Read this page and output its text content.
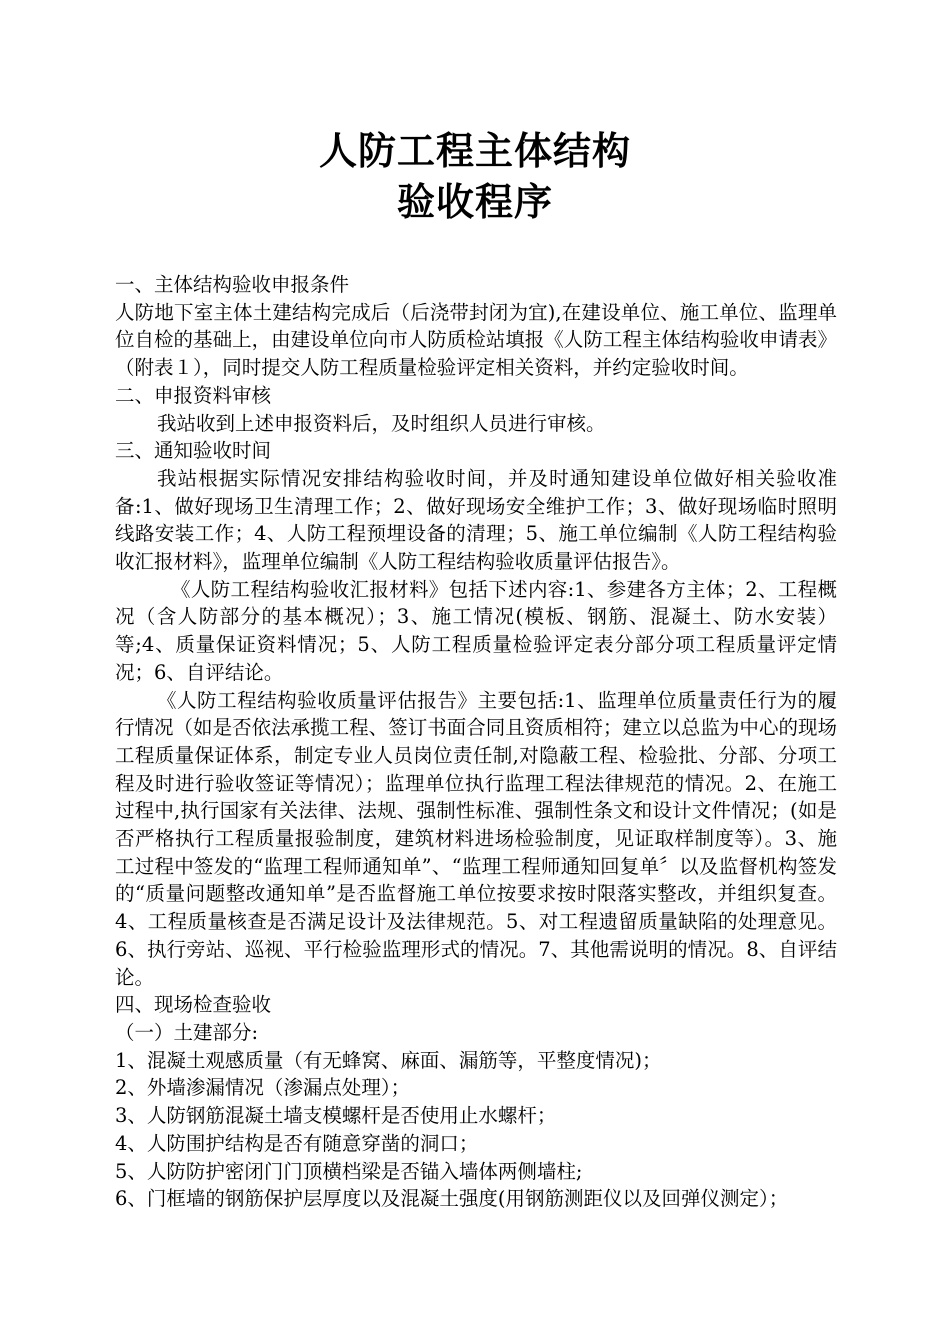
人防工程主体结构
验收程序

一、主体结构验收申报条件

人防地下室主体土建结构完成后（后浇带封闭为宜),在建设单位、施工单位、监理单位自检的基础上，由建设单位向市人防质检站填报《人防工程主体结构验收申请表》（附表１），同时提交人防工程质量检验评定相关资料，并约定验收时间。

二、申报资料审核

我站收到上述申报资料后，及时组织人员进行审核。

三、通知验收时间

我站根据实际情况安排结构验收时间，并及时通知建设单位做好相关验收准备:1、做好现场卫生清理工作；2、做好现场安全维护工作；3、做好现场临时照明线路安装工作；4、人防工程预埋设备的清理；5、施工单位编制《人防工程结构验收汇报材料》，监理单位编制《人防工程结构验收质量评估报告》。

《人防工程结构验收汇报材料》包括下述内容:1、参建各方主体；2、工程概况（含人防部分的基本概况）；3、施工情况(模板、钢筋、混凝土、防水安装）等;4、质量保证资料情况；5、人防工程质量检验评定表分部分项工程质量评定情况；6、自评结论。

《人防工程结构验收质量评估报告》主要包括:1、监理单位质量责任行为的履行情况（如是否依法承揽工程、签订书面合同且资质相符；建立以总监为中心的现场工程质量保证体系，制定专业人员岗位责任制,对隐蔽工程、检验批、分部、分项工程及时进行验收签证等情况）；监理单位执行监理工程法律规范的情况。2、在施工过程中,执行国家有关法律、法规、强制性标准、强制性条文和设计文件情况；(如是否严格执行工程质量报验制度，建筑材料进场检验制度，见证取样制度等）。3、施工过程中签发的“监理工程师通知单”、“监理工程师通知回复单〞以及监督机构签发的“质量问题整改通知单”是否监督施工单位按要求按时限落实整改，并组织复查。4、工程质量核查是否满足设计及法律规范。5、对工程遗留质量缺陷的处理意见。6、执行旁站、巡视、平行检验监理形式的情况。7、其他需说明的情况。8、自评结论。

四、现场检查验收

（一）土建部分:

1、混凝土观感质量（有无蜂窝、麻面、漏筋等，平整度情况)；

2、外墙渗漏情况（渗漏点处理）；

3、人防钢筋混凝土墙支模螺杆是否使用止水螺杆；

4、人防围护结构是否有随意穿凿的洞口；

5、人防防护密闭门门顶横档梁是否锚入墙体两侧墙柱;

6、门框墙的钢筋保护层厚度以及混凝土强度(用钢筋测距仪以及回弹仪测定）；
